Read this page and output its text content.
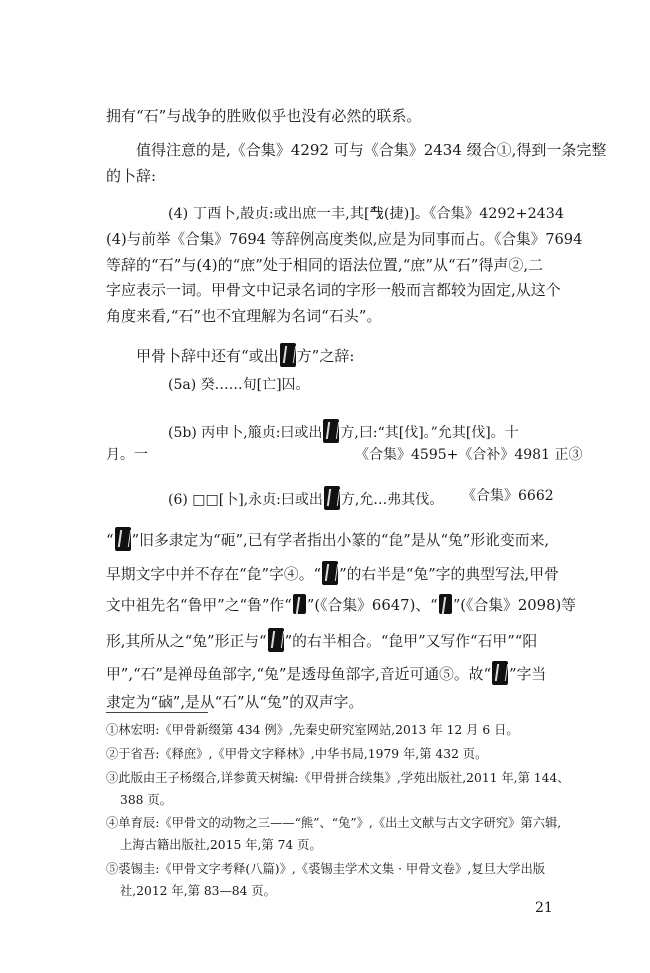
拥有“石”与战争的胜败似乎也没有必然的联系。
值得注意的是,《合集》4292 可与《合集》2434 缀合①,得到一条完整
的卜辞:
(4) 丁酉卜,㱿贞:或出庶一丰,其[𢦔(捷)]。《合集》4292+2434
(4)与前举《合集》7694 等辞例高度类似,应是为同事而占。《合集》7694
等辞的“石”与(4)的“庶”处于相同的语法位置,“庶”从“石”得声②,二
字应表示一词。甲骨文中记录名词的字形一般而言都较为固定,从这个
角度来看,“石”也不宜理解为名词“石头”。
甲骨卜辞中还有“或出 方”之辞:
(5a) 癸……旬[亡]囚。
(5b) 丙申卜,箙贞:曰或出 方,曰:“其[伐]。”允其[伐]。十
月。一	《合集》4595+《合补》4981 正③
(6) □□[卜],永贞:曰或出 方,允…弗其伐。 《合集》6662
“ ”旧多隶定为“砈”,已有学者指出小篆的“㲋”是从“兔”形讹变而来,
早期文字中并不存在“㲋”字④。“ ”的右半是“兔”字的典型写法,甲骨
文中祖先名“鲁甲”之“鲁”作“ ”(《合集》6647)、“ ”(《合集》2098)等
形,其所从之“兔”形正与“ ”的右半相合。“㲋甲”又写作“石甲”“阳
甲”,“石”是禅母鱼部字,“兔”是透母鱼部字,音近可通⑤。故“ ”字当
隶定为“硵”,是从“石”从“兔”的双声字。
①林宏明:《甲骨新缀第 434 例》,先秦史研究室网站,2013 年 12 月 6 日。
②于省吾:《释庶》,《甲骨文字释林》,中华书局,1979 年,第 432 页。
③此版由王子杨缀合,详参黄天树编:《甲骨拼合续集》,学苑出版社,2011 年,第 144、
388 页。
④单育辰:《甲骨文的动物之三——“熊”、“兔”》,《出土文献与古文字研究》第六辑,
上海古籍出版社,2015 年,第 74 页。
⑤裘锡圭:《甲骨文字考释(八篇)》,《裘锡圭学术文集 · 甲骨文卷》,复旦大学出版
社,2012 年,第 83—84 页。
21
